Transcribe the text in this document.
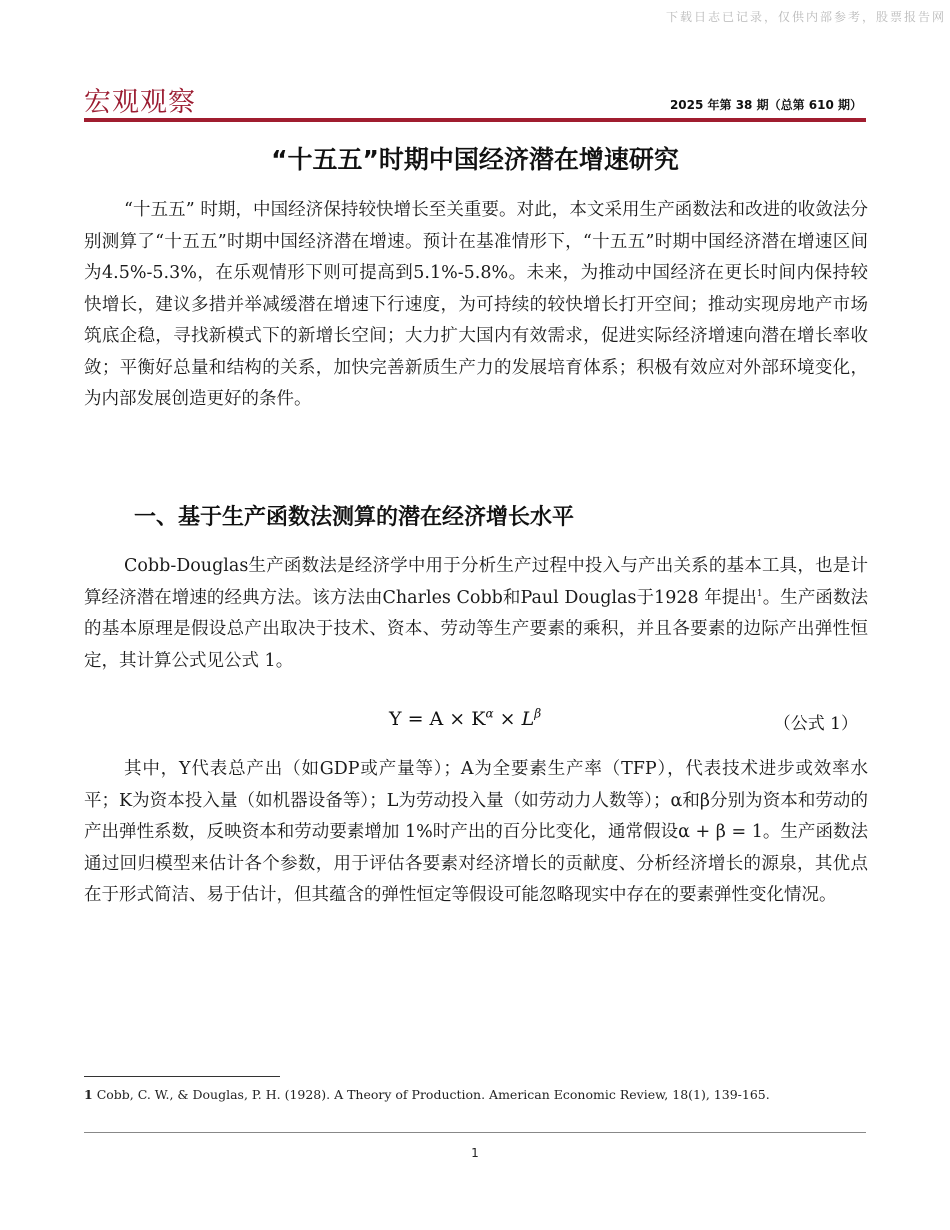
下载日志已记录，仅供内部参考，股票报告网
宏观观察	2025 年第 38 期（总第 610 期）
“十五五”时期中国经济潜在增速研究

“十五五” 时期，中国经济保持较快增长至关重要。对此，本文采用生产函数法和改进的收敛法分别测算了“十五五”时期中国经济潜在增速。预计在基准情形下，“十五五”时期中国经济潜在增速区间为4.5%-5.3%，在乐观情形下则可提高到5.1%-5.8%。未来，为推动中国经济在更长时间内保持较快增长，建议多措并举减缓潜在增速下行速度，为可持续的较快增长打开空间；推动实现房地产市场筑底企稳，寻找新模式下的新增长空间；大力扩大国内有效需求，促进实际经济增速向潜在增长率收敛；平衡好总量和结构的关系，加快完善新质生产力的发展培育体系；积极有效应对外部环境变化，为内部发展创造更好的条件。

一、基于生产函数法测算的潜在经济增长水平

Cobb-Douglas生产函数法是经济学中用于分析生产过程中投入与产出关系的基本工具，也是计算经济潜在增速的经典方法。该方法由Charles Cobb和Paul Douglas于1928 年提出$^1$。生产函数法的基本原理是假设总产出取决于技术、资本、劳动等生产要素的乘积，并且各要素的边际产出弹性恒定，其计算公式见公式 1。

$Y = A \times K^\alpha \times L^\beta$
（公式 1）

其中，Y代表总产出（如GDP或产量等）；A为全要素生产率（TFP），代表技术进步或效率水平；K为资本投入量（如机器设备等）；L为劳动投入量（如劳动力人数等）；α和β分别为资本和劳动的产出弹性系数，反映资本和劳动要素增加 1%时产出的百分比变化，通常假设α + β = 1。生产函数法通过回归模型来估计各个参数，用于评估各要素对经济增长的贡献度、分析经济增长的源泉，其优点在于形式简洁、易于估计，但其蕴含的弹性恒定等假设可能忽略现实中存在的要素弹性变化情况。

1 Cobb, C. W., & Douglas, P. H. (1928). A Theory of Production. American Economic Review, 18(1), 139-165.
1
